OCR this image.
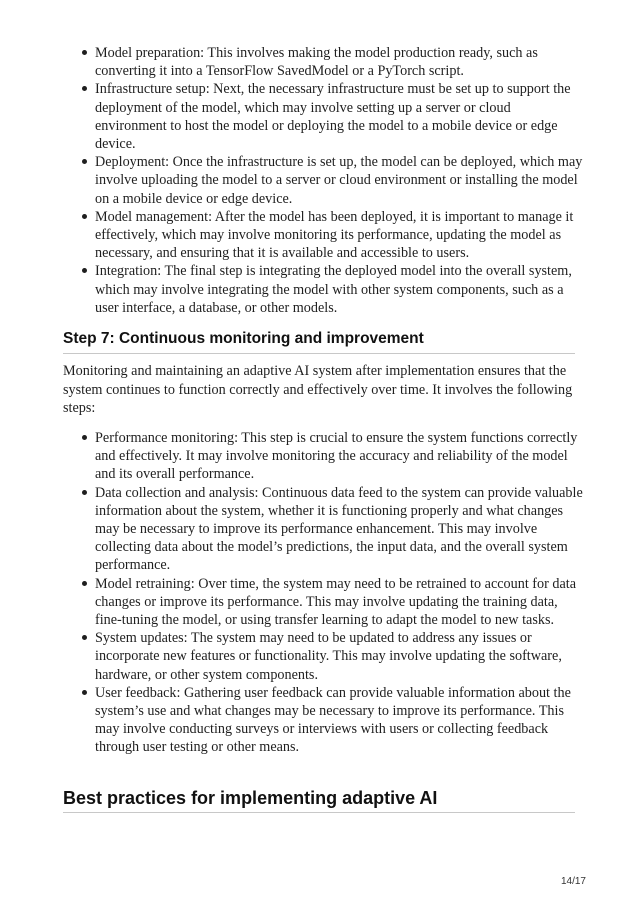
Model preparation: This involves making the model production ready, such as converting it into a TensorFlow SavedModel or a PyTorch script.
Infrastructure setup: Next, the necessary infrastructure must be set up to support the deployment of the model, which may involve setting up a server or cloud environment to host the model or deploying the model to a mobile device or edge device.
Deployment: Once the infrastructure is set up, the model can be deployed, which may involve uploading the model to a server or cloud environment or installing the model on a mobile device or edge device.
Model management: After the model has been deployed, it is important to manage it effectively, which may involve monitoring its performance, updating the model as necessary, and ensuring that it is available and accessible to users.
Integration: The final step is integrating the deployed model into the overall system, which may involve integrating the model with other system components, such as a user interface, a database, or other models.
Step 7: Continuous monitoring and improvement

Monitoring and maintaining an adaptive AI system after implementation ensures that the system continues to function correctly and effectively over time. It involves the following steps:

Performance monitoring: This step is crucial to ensure the system functions correctly and effectively. It may involve monitoring the accuracy and reliability of the model and its overall performance.
Data collection and analysis: Continuous data feed to the system can provide valuable information about the system, whether it is functioning properly and what changes may be necessary to improve its performance enhancement. This may involve collecting data about the model’s predictions, the input data, and the overall system performance.
Model retraining: Over time, the system may need to be retrained to account for data changes or improve its performance. This may involve updating the training data, fine-tuning the model, or using transfer learning to adapt the model to new tasks.
System updates: The system may need to be updated to address any issues or incorporate new features or functionality. This may involve updating the software, hardware, or other system components.
User feedback: Gathering user feedback can provide valuable information about the system’s use and what changes may be necessary to improve its performance. This may involve conducting surveys or interviews with users or collecting feedback through user testing or other means.
Best practices for implementing adaptive AI
14/17
